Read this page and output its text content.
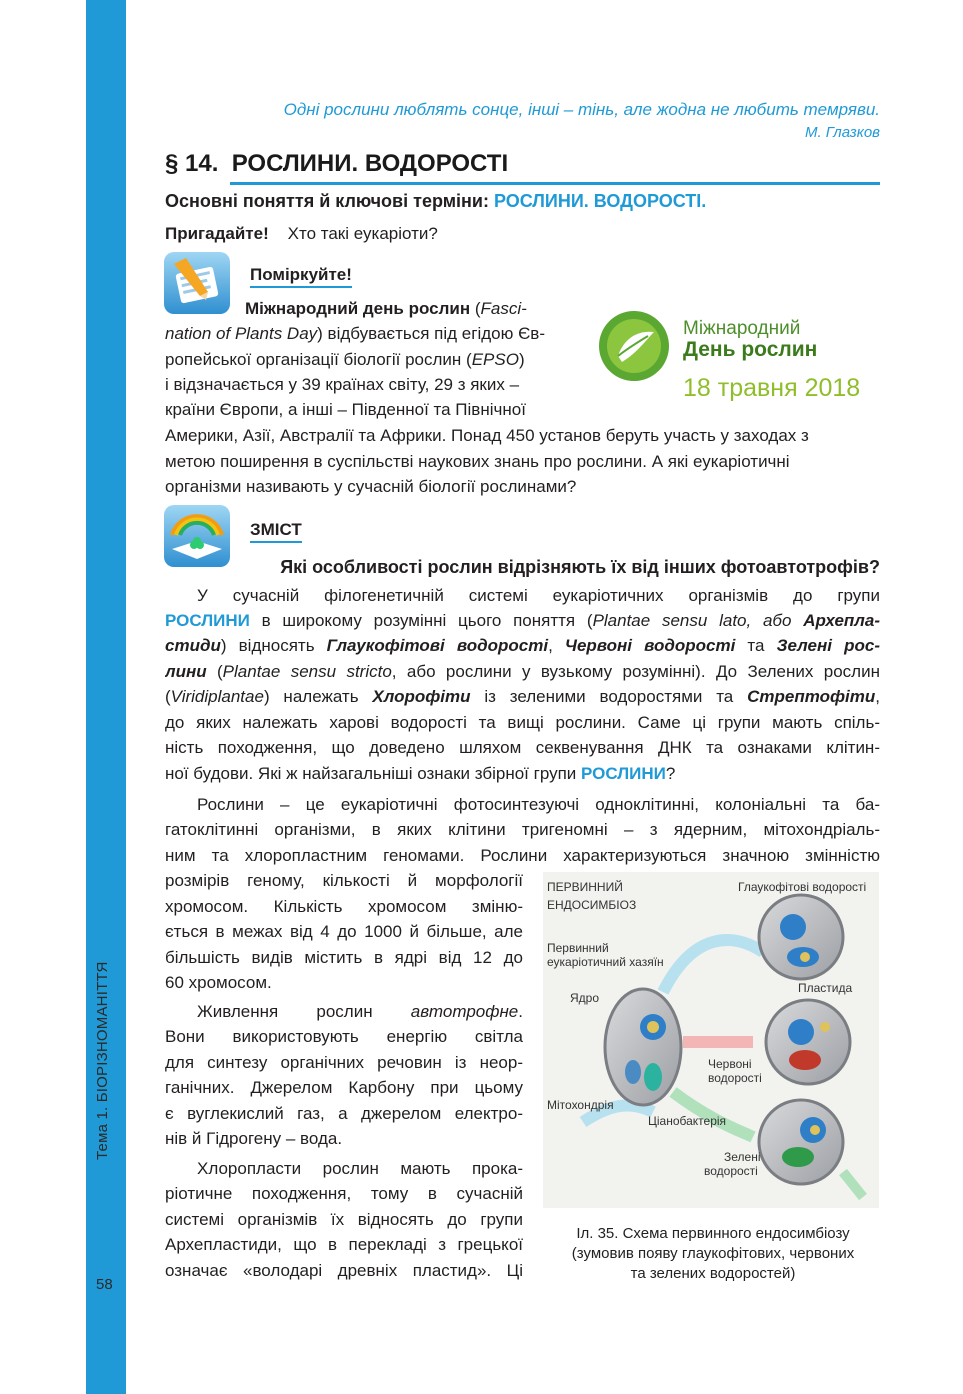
Тема 1. БІОРІЗНОМАНІТТЯ
58
Одні рослини люблять сонце, інші – тінь, але жодна не любить темряви.
М. Глазков
§ 14. РОСЛИНИ. ВОДОРОСТІ
Основні поняття й ключові терміни: РОСЛИНИ. ВОДОРОСТІ.
Пригадайте! Хто такі еукаріоти?
Поміркуйте!
Міжнародний день рослин (Fasci-
nation of Plants Day) відбувається під егідою Єв-
ропейської організації біології рослин (EPSO)
і відзначається у 39 країнах світу, 29 з яких –
країни Європи, а інші – Південної та Північної
Америки, Азії, Австралії та Африки. Понад 450 установ беруть участь у заходах з
метою поширення в суспільстві наукових знань про рослини. А які еукаріотичні
організми називають у сучасній біології рослинами?
Міжнародний
День рослин
18 травня 2018
ЗМІСТ
Які особливості рослин відрізняють їх від інших фотоавтотрофів?
У сучасній філогенетичній системі еукаріотичних організмів до групи
РОСЛИНИ в широкому розумінні цього поняття (Plantae sensu lato, або Архепла-
стиди) відносять Глаукофітові водорості, Червоні водорості та Зелені рос-
лини (Plantae sensu stricto, або рослини у вузькому розумінні). До Зелених рослин
(Viridiplantae) належать Хлорофіти із зеленими водоростями та Стрептофіти,
до яких належать харові водорості та вищі рослини. Саме ці групи мають спіль-
ність походження, що доведено шляхом секвенування ДНК та ознаками клітин-
ної будови. Які ж найзагальніші ознаки збірної групи РОСЛИНИ?
Рослини – це еукаріотичні фотосинтезуючі одноклітинні, колоніальні та ба-
гатоклітинні організми, в яких клітини тригеномні – з ядерним, мітохондріаль-
ним та хлоропластним геномами. Рослини характеризуються значною змінністю
розмірів геному, кількості й морфології
хромосом. Кількість хромосом зміню-
ється в межах від 4 до 1000 й більше, але
більшість видів містить в ядрі від 12 до
60 хромосом.
Живлення рослин автотрофне.
Вони використовують енергію світла
для синтезу органічних речовин із неор-
ганічних. Джерелом Карбону при цьому
є вуглекислий газ, а джерелом електро-
нів й Гідрогену – вода.
Хлоропласти рослин мають прока-
ріотичне походження, тому в сучасній
системі організмів їх відносять до групи
Архепластиди, що в перекладі з грецької
означає «володарі древніх пластид». Ці
ПЕРВИННИЙ
ЕНДОСИМБІОЗ
Глаукофітові водорості
Первинний
еукаріотичний хазяїн
Ядро
Пластида
Червоні
водорості
Мітохондрія
Ціанобактерія
Зелені
водорості
Іл. 35. Схема первинного ендосимбіозу
(зумовив появу глаукофітових, червоних
та зелених водоростей)
